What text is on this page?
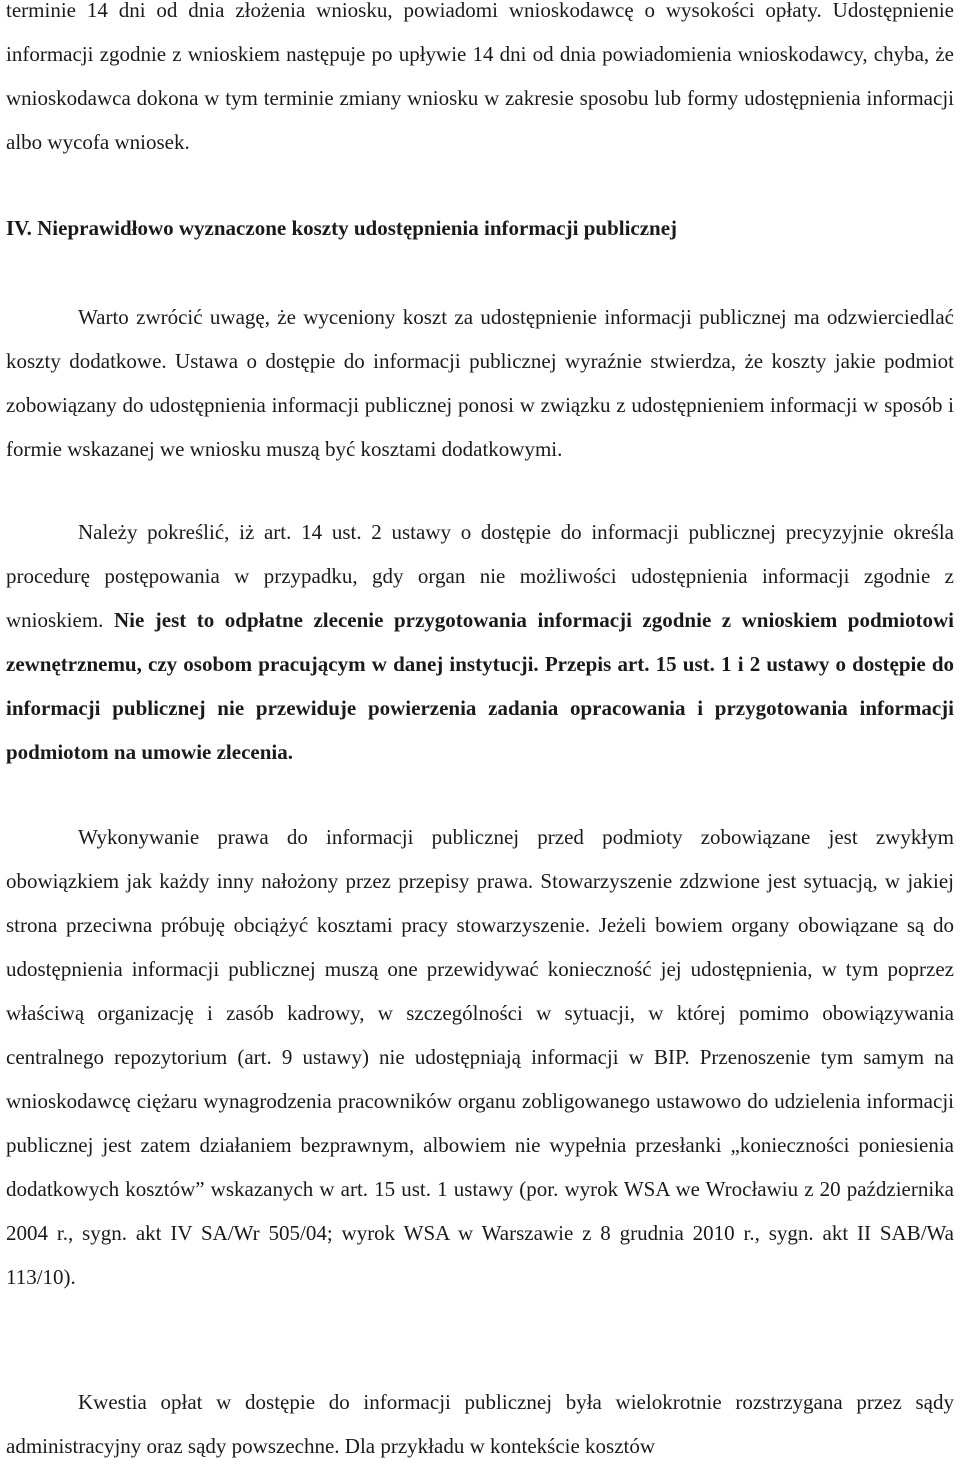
terminie 14 dni od dnia złożenia wniosku, powiadomi wnioskodawcę o wysokości opłaty. Udostępnienie informacji zgodnie z wnioskiem następuje po upływie 14 dni od dnia powiadomienia wnioskodawcy, chyba, że wnioskodawca dokona w tym terminie zmiany wniosku w zakresie sposobu lub formy udostępnienia informacji albo wycofa wniosek.

IV. Nieprawidłowo wyznaczone koszty udostępnienia informacji publicznej

Warto zwrócić uwagę, że wyceniony koszt za udostępnienie informacji publicznej ma odzwierciedlać koszty dodatkowe. Ustawa o dostępie do informacji publicznej wyraźnie stwierdza, że koszty jakie podmiot zobowiązany do udostępnienia informacji publicznej ponosi w związku z udostępnieniem informacji w sposób i formie wskazanej we wniosku muszą być kosztami dodatkowymi.

Należy pokreślić, iż art. 14 ust. 2 ustawy o dostępie do informacji publicznej precyzyjnie określa procedurę postępowania w przypadku, gdy organ nie możliwości udostępnienia informacji zgodnie z wnioskiem. Nie jest to odpłatne zlecenie przygotowania informacji zgodnie z wnioskiem podmiotowi zewnętrznemu, czy osobom pracującym w danej instytucji. Przepis art. 15 ust. 1 i 2 ustawy o dostępie do informacji publicznej nie przewiduje powierzenia zadania opracowania i przygotowania informacji podmiotom na umowie zlecenia.

Wykonywanie prawa do informacji publicznej przed podmioty zobowiązane jest zwykłym obowiązkiem jak każdy inny nałożony przez przepisy prawa. Stowarzyszenie zdzwione jest sytuacją, w jakiej strona przeciwna próbuję obciążyć kosztami pracy stowarzyszenie. Jeżeli bowiem organy obowiązane są do udostępnienia informacji publicznej muszą one przewidywać konieczność jej udostępnienia, w tym poprzez właściwą organizację i zasób kadrowy, w szczególności w sytuacji, w której pomimo obowiązywania centralnego repozytorium (art. 9 ustawy) nie udostępniają informacji w BIP. Przenoszenie tym samym na wnioskodawcę ciężaru wynagrodzenia pracowników organu zobligowanego ustawowo do udzielenia informacji publicznej jest zatem działaniem bezprawnym, albowiem nie wypełnia przesłanki „konieczności poniesienia dodatkowych kosztów” wskazanych w art. 15 ust. 1 ustawy (por. wyrok WSA we Wrocławiu z 20 października 2004 r., sygn. akt IV SA/Wr 505/04; wyrok WSA w Warszawie z 8 grudnia 2010 r., sygn. akt II SAB/Wa 113/10).

Kwestia opłat w dostępie do informacji publicznej była wielokrotnie rozstrzygana przez sądy administracyjny oraz sądy powszechne. Dla przykładu w kontekście kosztów
